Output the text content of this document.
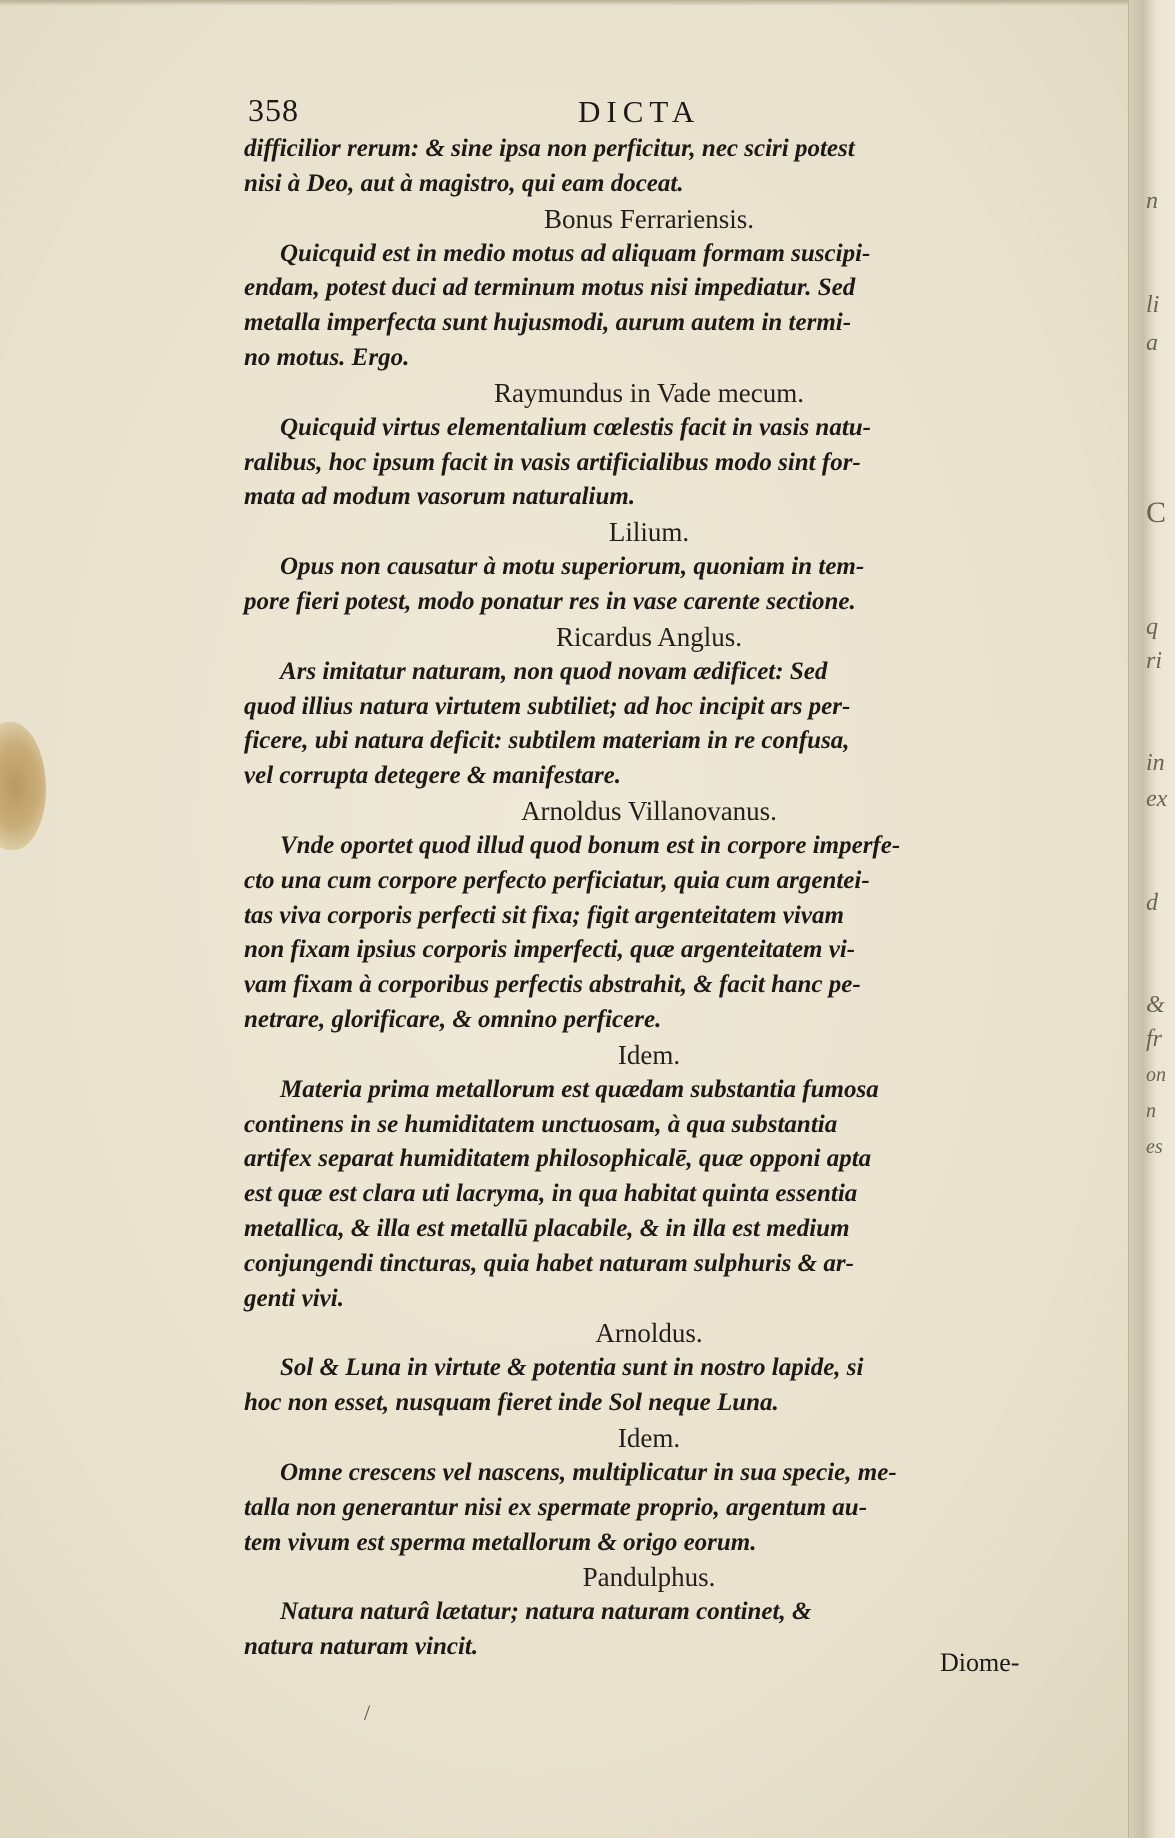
n
li
a
C
q
ri
in
ex
d
&
fr
on
n
es
358	DICTA

difficilior rerum: & sine ipsa non perficitur, nec sciri potest

nisi à Deo, aut à magistro, qui eam doceat.

Bonus Ferrariensis.

Quicquid est in medio motus ad aliquam formam suscipi-

endam, potest duci ad terminum motus nisi impediatur. Sed

metalla imperfecta sunt hujusmodi, aurum autem in termi-

no motus. Ergo.

Raymundus in Vade mecum.

Quicquid virtus elementalium cœlestis facit in vasis natu-

ralibus, hoc ipsum facit in vasis artificialibus modo sint for-

mata ad modum vasorum naturalium.

Lilium.

Opus non causatur à motu superiorum, quoniam in tem-

pore fieri potest, modo ponatur res in vase carente sectione.

Ricardus Anglus.

Ars imitatur naturam, non quod novam ædificet: Sed

quod illius natura virtutem subtiliet; ad hoc incipit ars per-

ficere, ubi natura deficit: subtilem materiam in re confusa,

vel corrupta detegere & manifestare.

Arnoldus Villanovanus.

Vnde oportet quod illud quod bonum est in corpore imperfe-

cto una cum corpore perfecto perficiatur, quia cum argentei-

tas viva corporis perfecti sit fixa; figit argenteitatem vivam

non fixam ipsius corporis imperfecti, quæ argenteitatem vi-

vam fixam à corporibus perfectis abstrahit, & facit hanc pe-

netrare, glorificare, & omnino perficere.

Idem.

Materia prima metallorum est quædam substantia fumosa

continens in se humiditatem unctuosam, à qua substantia

artifex separat humiditatem philosophicalē, quæ opponi apta

est quæ est clara uti lacryma, in qua habitat quinta essentia

metallica, & illa est metallū placabile, & in illa est medium

conjungendi tincturas, quia habet naturam sulphuris & ar-

genti vivi.

Arnoldus.

Sol & Luna in virtute & potentia sunt in nostro lapide, si

hoc non esset, nusquam fieret inde Sol neque Luna.

Idem.

Omne crescens vel nascens, multiplicatur in sua specie, me-

talla non generantur nisi ex spermate proprio, argentum au-

tem vivum est sperma metallorum & origo eorum.

Pandulphus.

Natura naturâ lætatur; natura naturam continet, &

natura naturam vincit.

Diome-
/
